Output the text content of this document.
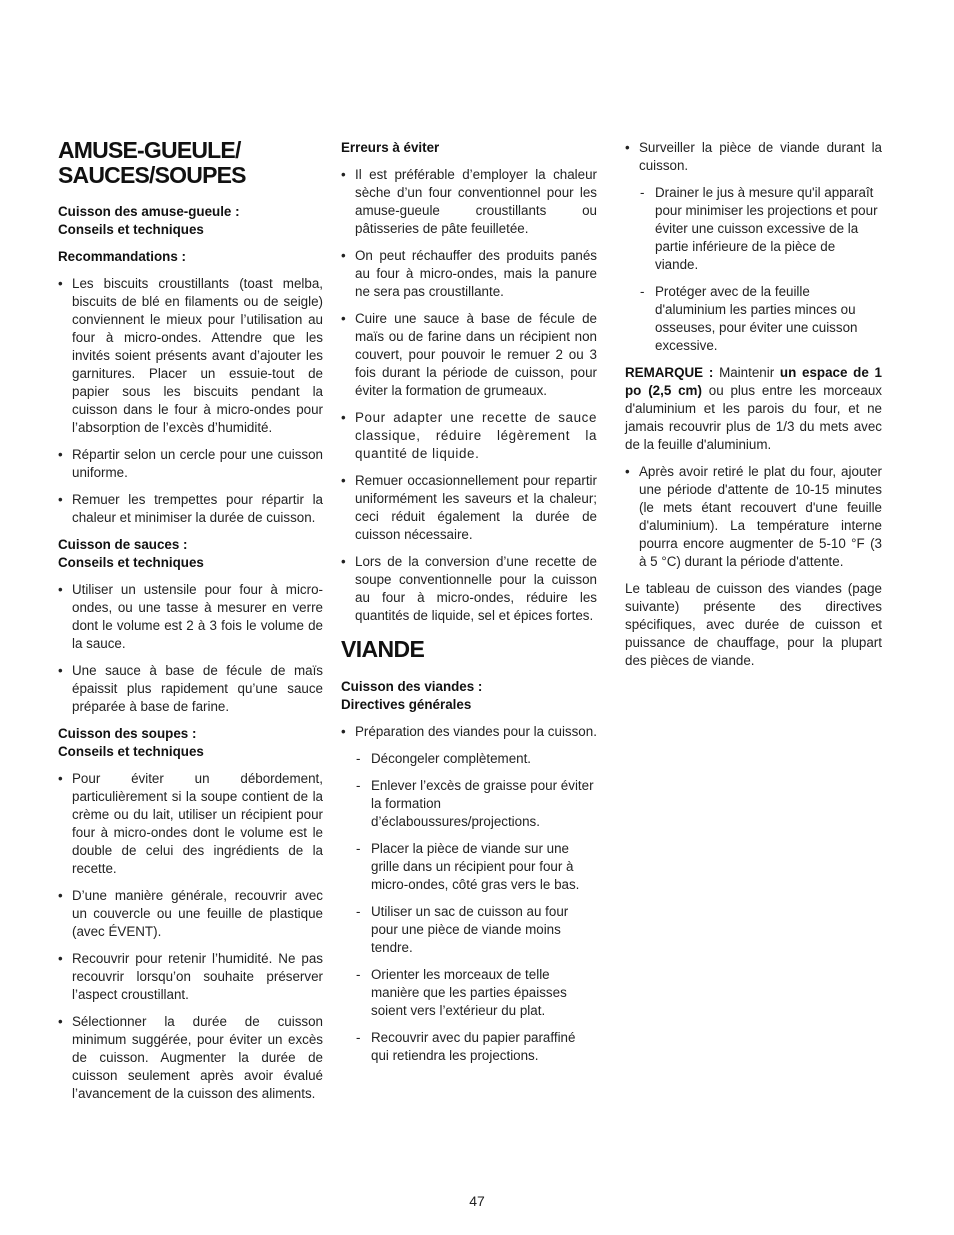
AMUSE-GUEULE/ SAUCES/SOUPES
Cuisson des amuse-gueule :
Conseils et techniques
Recommandations :
• Les biscuits croustillants (toast melba, biscuits de blé en filaments ou de seigle) conviennent le mieux pour l’utilisation au four à micro-ondes. Attendre que les invités soient présents avant d’ajouter les garnitures. Placer un essuie-tout de papier sous les biscuits pendant la cuisson dans le four à micro-ondes pour l’absorption de l’excès d’humidité.
• Répartir selon un cercle pour une cuisson uniforme.
• Remuer les trempettes pour répartir la chaleur et minimiser la durée de cuisson.
Cuisson de sauces :
Conseils et techniques
• Utiliser un ustensile pour four à micro-ondes, ou une tasse à mesurer en verre dont le volume est 2 à 3 fois le volume de la sauce.
• Une sauce à base de fécule de maïs épaissit plus rapidement qu’une sauce préparée à base de farine.
Cuisson des soupes :
Conseils et techniques
• Pour éviter un débordement, particulièrement si la soupe contient de la crème ou du lait, utiliser un récipient pour four à micro-ondes dont le volume est le double de celui des ingrédients de la recette.
• D’une manière générale, recouvrir avec un couvercle ou une feuille de plastique (avec ÉVENT).
• Recouvrir pour retenir l’humidité. Ne pas recouvrir lorsqu’on souhaite préserver l’aspect croustillant.
• Sélectionner la durée de cuisson minimum suggérée, pour éviter un excès de cuisson. Augmenter la durée de cuisson seulement après avoir évalué l’avancement de la cuisson des aliments.
Erreurs à éviter
• Il est préférable d’employer la chaleur sèche d’un four conventionnel pour les amuse-gueule croustillants ou pâtisseries de pâte feuilletée.
• On peut réchauffer des produits panés au four à micro-ondes, mais la panure ne sera pas croustillante.
• Cuire une sauce à base de fécule de maïs ou de farine dans un récipient non couvert, pour pouvoir le remuer 2 ou 3 fois durant la période de cuisson, pour éviter la formation de grumeaux.
• Pour adapter une recette de sauce classique, réduire légèrement la quantité de liquide.
• Remuer occasionnellement pour repartir uniformément les saveurs et la chaleur; ceci réduit également la durée de cuisson nécessaire.
• Lors de la conversion d’une recette de soupe conventionnelle pour la cuisson au four à micro-ondes, réduire les quantités de liquide, sel et épices fortes.
VIANDE
Cuisson des viandes :
Directives générales
• Préparation des viandes pour la cuisson.
- Décongeler complètement.
- Enlever l’excès de graisse pour éviter la formation d’éclaboussures/projections.
- Placer la pièce de viande sur une grille dans un récipient pour four à micro-ondes, côté gras vers le bas.
- Utiliser un sac de cuisson au four pour une pièce de viande moins tendre.
- Orienter les morceaux de telle manière que les parties épaisses soient vers l’extérieur du plat.
- Recouvrir avec du papier paraffiné qui retiendra les projections.
• Surveiller la pièce de viande durant la cuisson.
- Drainer le jus à mesure qu'il apparaît pour minimiser les projections et pour éviter une cuisson excessive de la partie inférieure de la pièce de viande.
- Protéger avec de la feuille d'aluminium les parties minces ou osseuses, pour éviter une cuisson excessive.

REMARQUE : Maintenir un espace de 1 po (2,5 cm) ou plus entre les morceaux d'aluminium et les parois du four, et ne jamais recouvrir plus de 1/3 du mets avec de la feuille d'aluminium.

• Après avoir retiré le plat du four, ajouter une période d'attente de 10-15 minutes (le mets étant recouvert d'une feuille d'aluminium). La température interne pourra encore augmenter de 5-10 °F (3 à 5 °C) durant la période d'attente.

Le tableau de cuisson des viandes (page suivante) présente des directives spécifiques, avec durée de cuisson et puissance de chauffage, pour la plupart des pièces de viande.

47
